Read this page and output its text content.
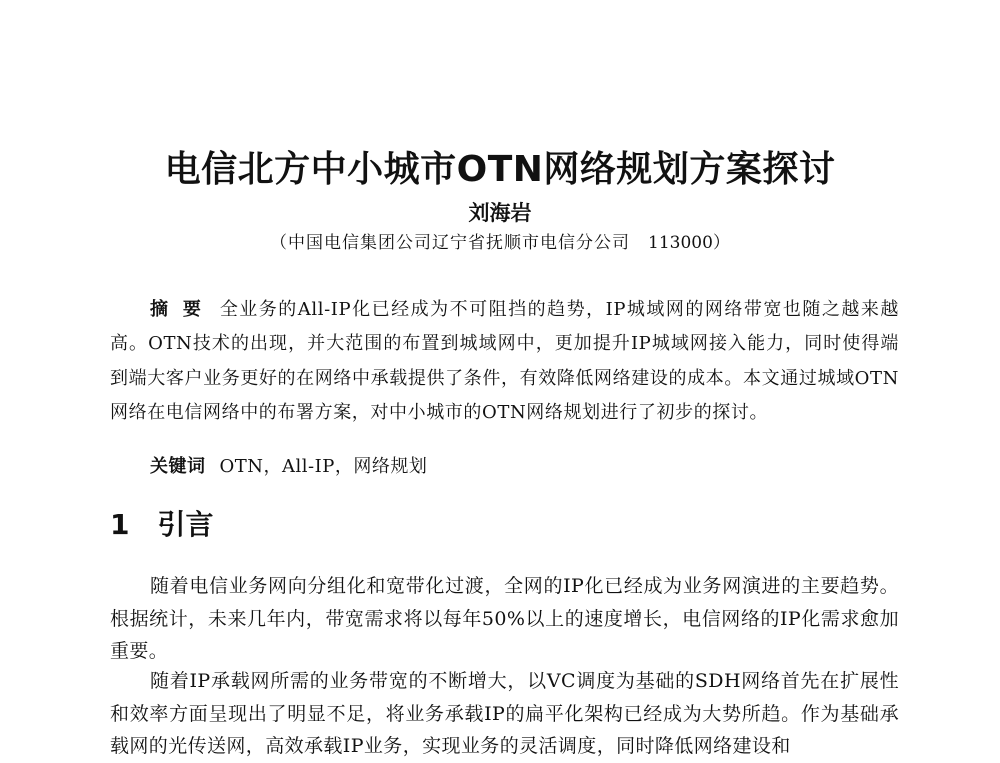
电信北方中小城市OTN网络规划方案探讨
刘海岩
（中国电信集团公司辽宁省抚顺市电信分公司 113000）

摘要 全业务的All-IP化已经成为不可阻挡的趋势，IP城域网的网络带宽也随之越来越高。OTN技术的出现，并大范围的布置到城域网中，更加提升IP城域网接入能力，同时使得端到端大客户业务更好的在网络中承载提供了条件，有效降低网络建设的成本。本文通过城域OTN网络在电信网络中的布署方案，对中小城市的OTN网络规划进行了初步的探讨。

关键词 OTN，All-IP，网络规划
1 引言

随着电信业务网向分组化和宽带化过渡，全网的IP化已经成为业务网演进的主要趋势。根据统计，未来几年内，带宽需求将以每年50%以上的速度增长，电信网络的IP化需求愈加重要。

随着IP承载网所需的业务带宽的不断增大，以VC调度为基础的SDH网络首先在扩展性和效率方面呈现出了明显不足，将业务承载IP的扁平化架构已经成为大势所趋。作为基础承载网的光传送网，高效承载IP业务，实现业务的灵活调度，同时降低网络建设和
